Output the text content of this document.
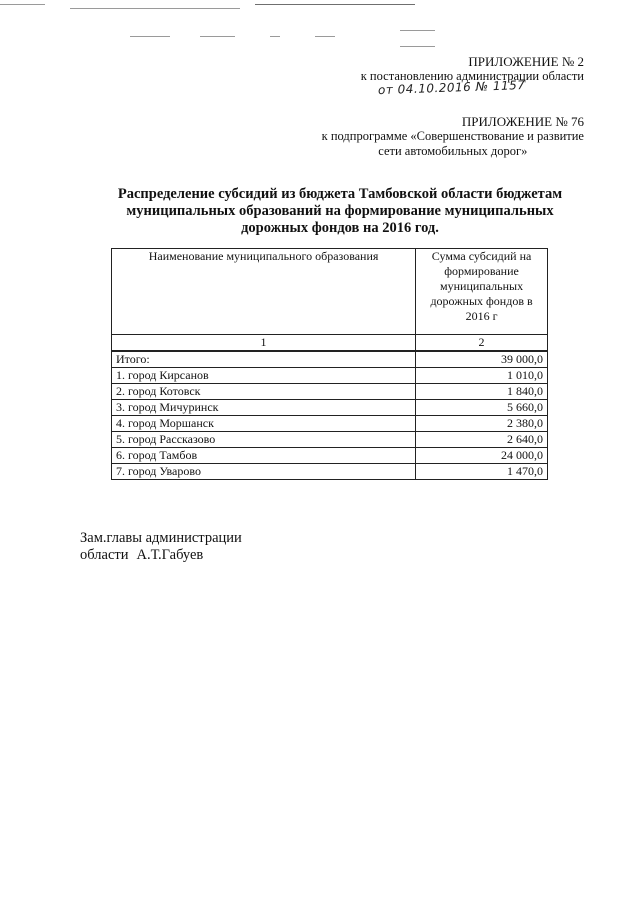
ПРИЛОЖЕНИЕ № 2
к постановлению администрации области
от 04.10.2016 № 1157
ПРИЛОЖЕНИЕ № 76
к подпрограмме «Совершенствование и развитие
сети автомобильных дорог»
Распределение субсидий из бюджета Тамбовской области бюджетам
муниципальных образований на формирование муниципальных
дорожных фондов на 2016 год.
Наименование муниципального образования	Сумма субсидий на формирование муниципальных дорожных фондов в 2016 г
1	2
Итого:	39 000,0
1. город Кирсанов	1 010,0
2. город Котовск	1 840,0
3. город Мичуринск	5 660,0
4. город Моршанск	2 380,0
5. город Рассказово	2 640,0
6. город Тамбов	24 000,0
7. город Уварово	1 470,0
Зам.главы администрации
области А.Т.Габуев
